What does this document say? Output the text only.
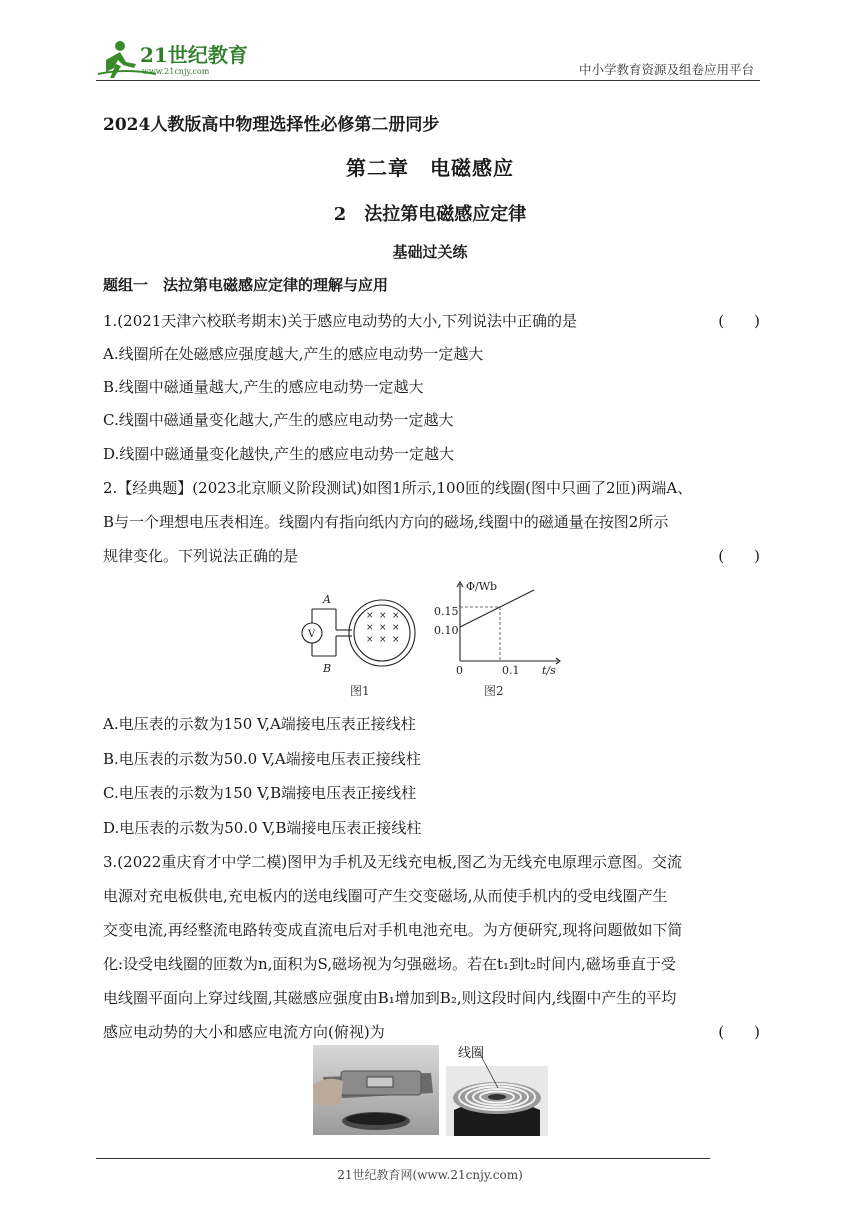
21世纪教育
www.21cnjy.com	中小学教育资源及组卷应用平台
2024人教版高中物理选择性必修第二册同步
第二章　电磁感应
2　法拉第电磁感应定律
基础过关练
题组一　法拉第电磁感应定律的理解与应用
1.(2021天津六校联考期末)关于感应电动势的大小,下列说法中正确的是	(　　)
A.线圈所在处磁感应强度越大,产生的感应电动势一定越大
B.线圈中磁通量越大,产生的感应电动势一定越大
C.线圈中磁通量变化越大,产生的感应电动势一定越大
D.线圈中磁通量变化越快,产生的感应电动势一定越大
2.【经典题】(2023北京顺义阶段测试)如图1所示,100匝的线圈(图中只画了2匝)两端A、
B与一个理想电压表相连。线圈内有指向纸内方向的磁场,线圈中的磁通量在按图2所示
规律变化。下列说法正确的是	(　　)
× × ×
× × ×
× × ×
V
A
B
图1
Φ/Wb
t/s
0.15
0.10
0	0.1
图2
A.电压表的示数为150 V,A端接电压表正接线柱
B.电压表的示数为50.0 V,A端接电压表正接线柱
C.电压表的示数为150 V,B端接电压表正接线柱
D.电压表的示数为50.0 V,B端接电压表正接线柱
3.(2022重庆育才中学二模)图甲为手机及无线充电板,图乙为无线充电原理示意图。交流
电源对充电板供电,充电板内的送电线圈可产生交变磁场,从而使手机内的受电线圈产生
交变电流,再经整流电路转变成直流电后对手机电池充电。为方便研究,现将问题做如下简
化:设受电线圈的匝数为n,面积为S,磁场视为匀强磁场。若在t₁到t₂时间内,磁场垂直于受
电线圈平面向上穿过线圈,其磁感应强度由B₁增加到B₂,则这段时间内,线圈中产生的平均
感应电动势的大小和感应电流方向(俯视)为	(　　)
线圈
21世纪教育网(www.21cnjy.com)
